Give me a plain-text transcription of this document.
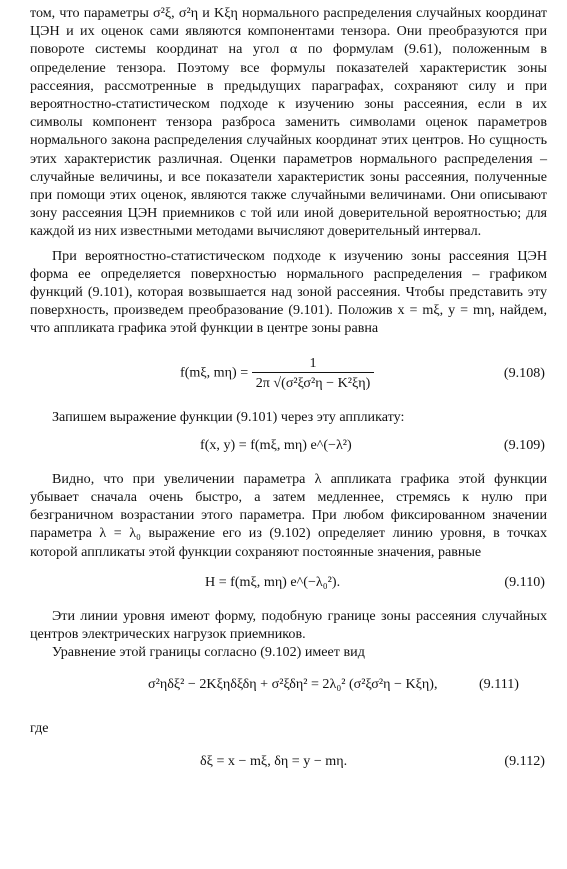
том, что параметры σ²ξ, σ²η и Kξη нормального распределения случайных координат ЦЭН и их оценок сами являются компонентами тензора. Они преобразуются при повороте системы координат на угол α по формулам (9.61), положенным в определение тензора. Поэтому все формулы показателей характеристик зоны рассеяния, рассмотренные в предыдущих параграфах, сохраняют силу и при вероятностно-статистическом подходе к изучению зоны рассеяния, если в их символы компонент тензора разброса заменить символами оценок параметров нормального закона распределения случайных координат этих центров. Но сущность этих характеристик различная. Оценки параметров нормального распределения – случайные величины, и все показатели характеристик зоны рассеяния, полученные при помощи этих оценок, являются также случайными величинами. Они описывают зону рассеяния ЦЭН приемников с той или иной доверительной вероятностью; для каждой из них известными методами вычисляют доверительный интервал.

При вероятностно-статистическом подходе к изучению зоны рассеяния ЦЭН форма ее определяется поверхностью нормального распределения – графиком функций (9.101), которая возвышается над зоной рассеяния. Чтобы представить эту поверхность, произведем преобразование (9.101). Положив x = mξ, y = mη, найдем, что аппликата графика этой функции в центре зоны равна

f(mξ, $m\eta) = \frac{1}{\text{2π √(σ²ξσ²η − K²ξη)}}$	(9.108)

Запишем выражение функции (9.101) через эту аппликату:

f(x, y) = f(mξ, mη) e^(−λ²)	(9.109)

Видно, что при увеличении параметра λ аппликата графика этой функции убывает сначала очень быстро, а затем медленнее, стремясь к нулю при безграничном возрастании этого параметра. При любом фиксированном значении параметра λ = λ₀ выражение его из (9.102) определяет линию уровня, в точках которой аппликаты этой функции сохраняют постоянные значения, равные

H = f(mξ, mη) e^(−λ₀²).	(9.110)

Эти линии уровня имеют форму, подобную границе зоны рассеяния случайных центров электрических нагрузок приемников.

Уравнение этой границы согласно (9.102) имеет вид

σ²ηδξ² − 2Kξηδξδη + σ²ξδη² = 2λ₀² (σ²ξσ²η − Kξη),	(9.111)

где

δξ = x − mξ, δη = y − mη.	(9.112)
